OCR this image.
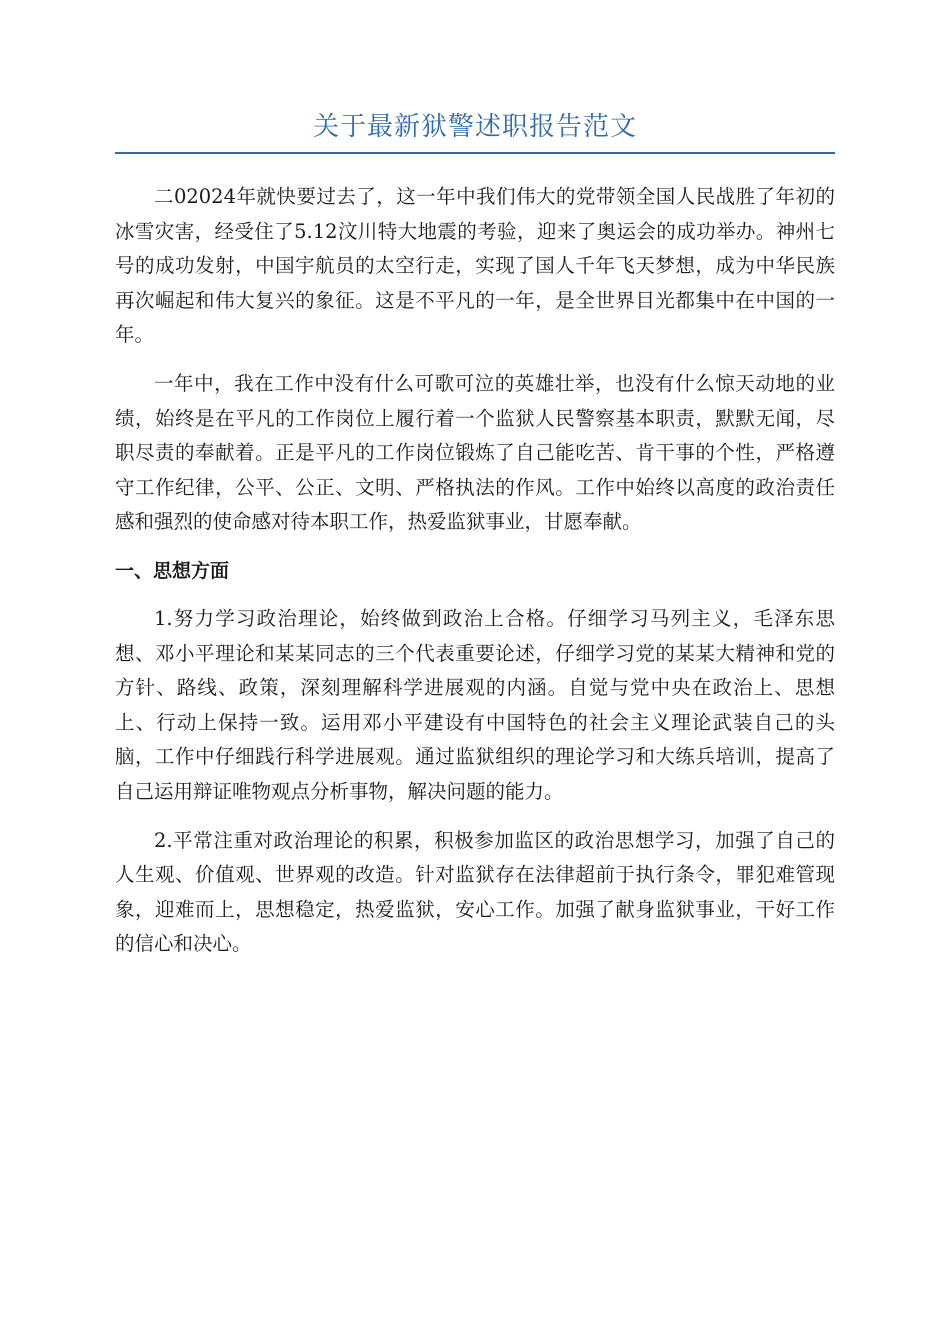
关于最新狱警述职报告范文

二02024年就快要过去了，这一年中我们伟大的党带领全国人民战胜了年初的冰雪灾害，经受住了5.12汶川特大地震的考验，迎来了奥运会的成功举办。神州七号的成功发射，中国宇航员的太空行走，实现了国人千年飞天梦想，成为中华民族再次崛起和伟大复兴的象征。这是不平凡的一年，是全世界目光都集中在中国的一年。

一年中，我在工作中没有什么可歌可泣的英雄壮举，也没有什么惊天动地的业绩，始终是在平凡的工作岗位上履行着一个监狱人民警察基本职责，默默无闻，尽职尽责的奉献着。正是平凡的工作岗位锻炼了自己能吃苦、肯干事的个性，严格遵守工作纪律，公平、公正、文明、严格执法的作风。工作中始终以高度的政治责任感和强烈的使命感对待本职工作，热爱监狱事业，甘愿奉献。

一、思想方面

1.努力学习政治理论，始终做到政治上合格。仔细学习马列主义，毛泽东思想、邓小平理论和某某同志的三个代表重要论述，仔细学习党的某某大精神和党的方针、路线、政策，深刻理解科学进展观的内涵。自觉与党中央在政治上、思想上、行动上保持一致。运用邓小平建设有中国特色的社会主义理论武装自己的头脑，工作中仔细践行科学进展观。通过监狱组织的理论学习和大练兵培训，提高了自己运用辩证唯物观点分析事物，解决问题的能力。

2.平常注重对政治理论的积累，积极参加监区的政治思想学习，加强了自己的人生观、价值观、世界观的改造。针对监狱存在法律超前于执行条令，罪犯难管现象，迎难而上，思想稳定，热爱监狱，安心工作。加强了献身监狱事业，干好工作的信心和决心。
